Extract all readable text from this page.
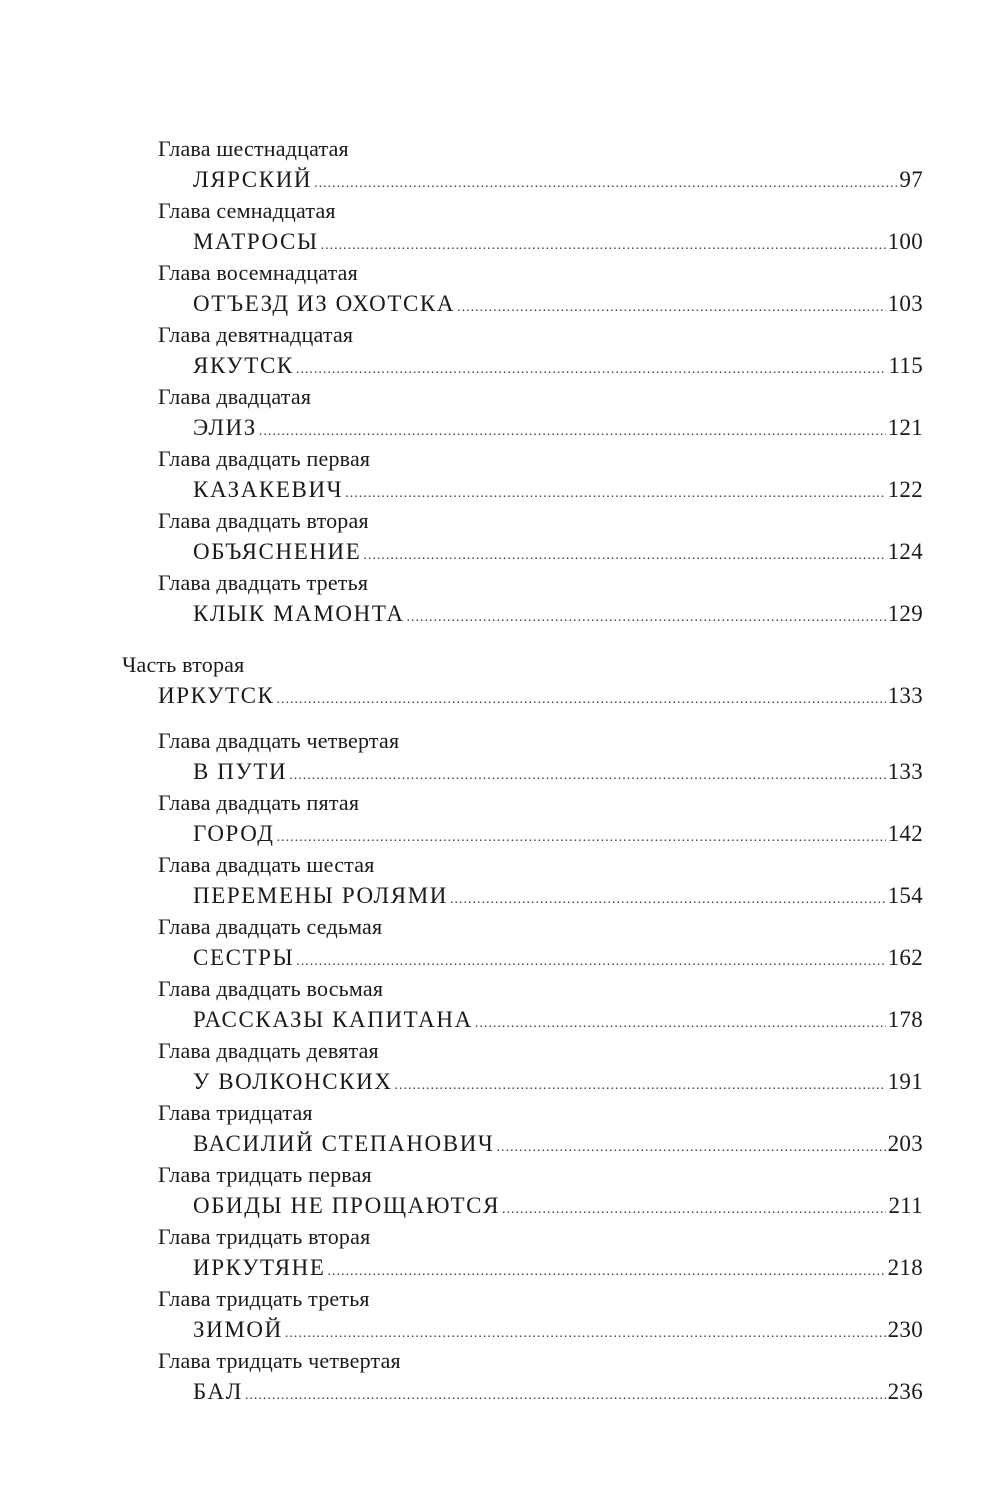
Глава шестнадцатая
ЛЯРСКИЙ .....	97
Глава семнадцатая
МАТРОСЫ .....	100
Глава восемнадцатая
ОТЪЕЗД ИЗ ОХОТСКА .....	103
Глава девятнадцатая
ЯКУТСК .....	115
Глава двадцатая
ЭЛИЗ .....	121
Глава двадцать первая
КАЗАКЕВИЧ .....	122
Глава двадцать вторая
ОБЪЯСНЕНИЕ .....	124
Глава двадцать третья
КЛЫК МАМОНТА .....	129
Часть вторая
ИРКУТСК .....	133
Глава двадцать четвертая
В ПУТИ .....	133
Глава двадцать пятая
ГОРОД .....	142
Глава двадцать шестая
ПЕРЕМЕНЫ РОЛЯМИ .....	154
Глава двадцать седьмая
СЕСТРЫ .....	162
Глава двадцать восьмая
РАССКАЗЫ КАПИТАНА .....	178
Глава двадцать девятая
У ВОЛКОНСКИХ .....	191
Глава тридцатая
ВАСИЛИЙ СТЕПАНОВИЧ .....	203
Глава тридцать первая
ОБИДЫ НЕ ПРОЩАЮТСЯ .....	211
Глава тридцать вторая
ИРКУТЯНЕ .....	218
Глава тридцать третья
ЗИМОЙ .....	230
Глава тридцать четвертая
БАЛ .....	236
